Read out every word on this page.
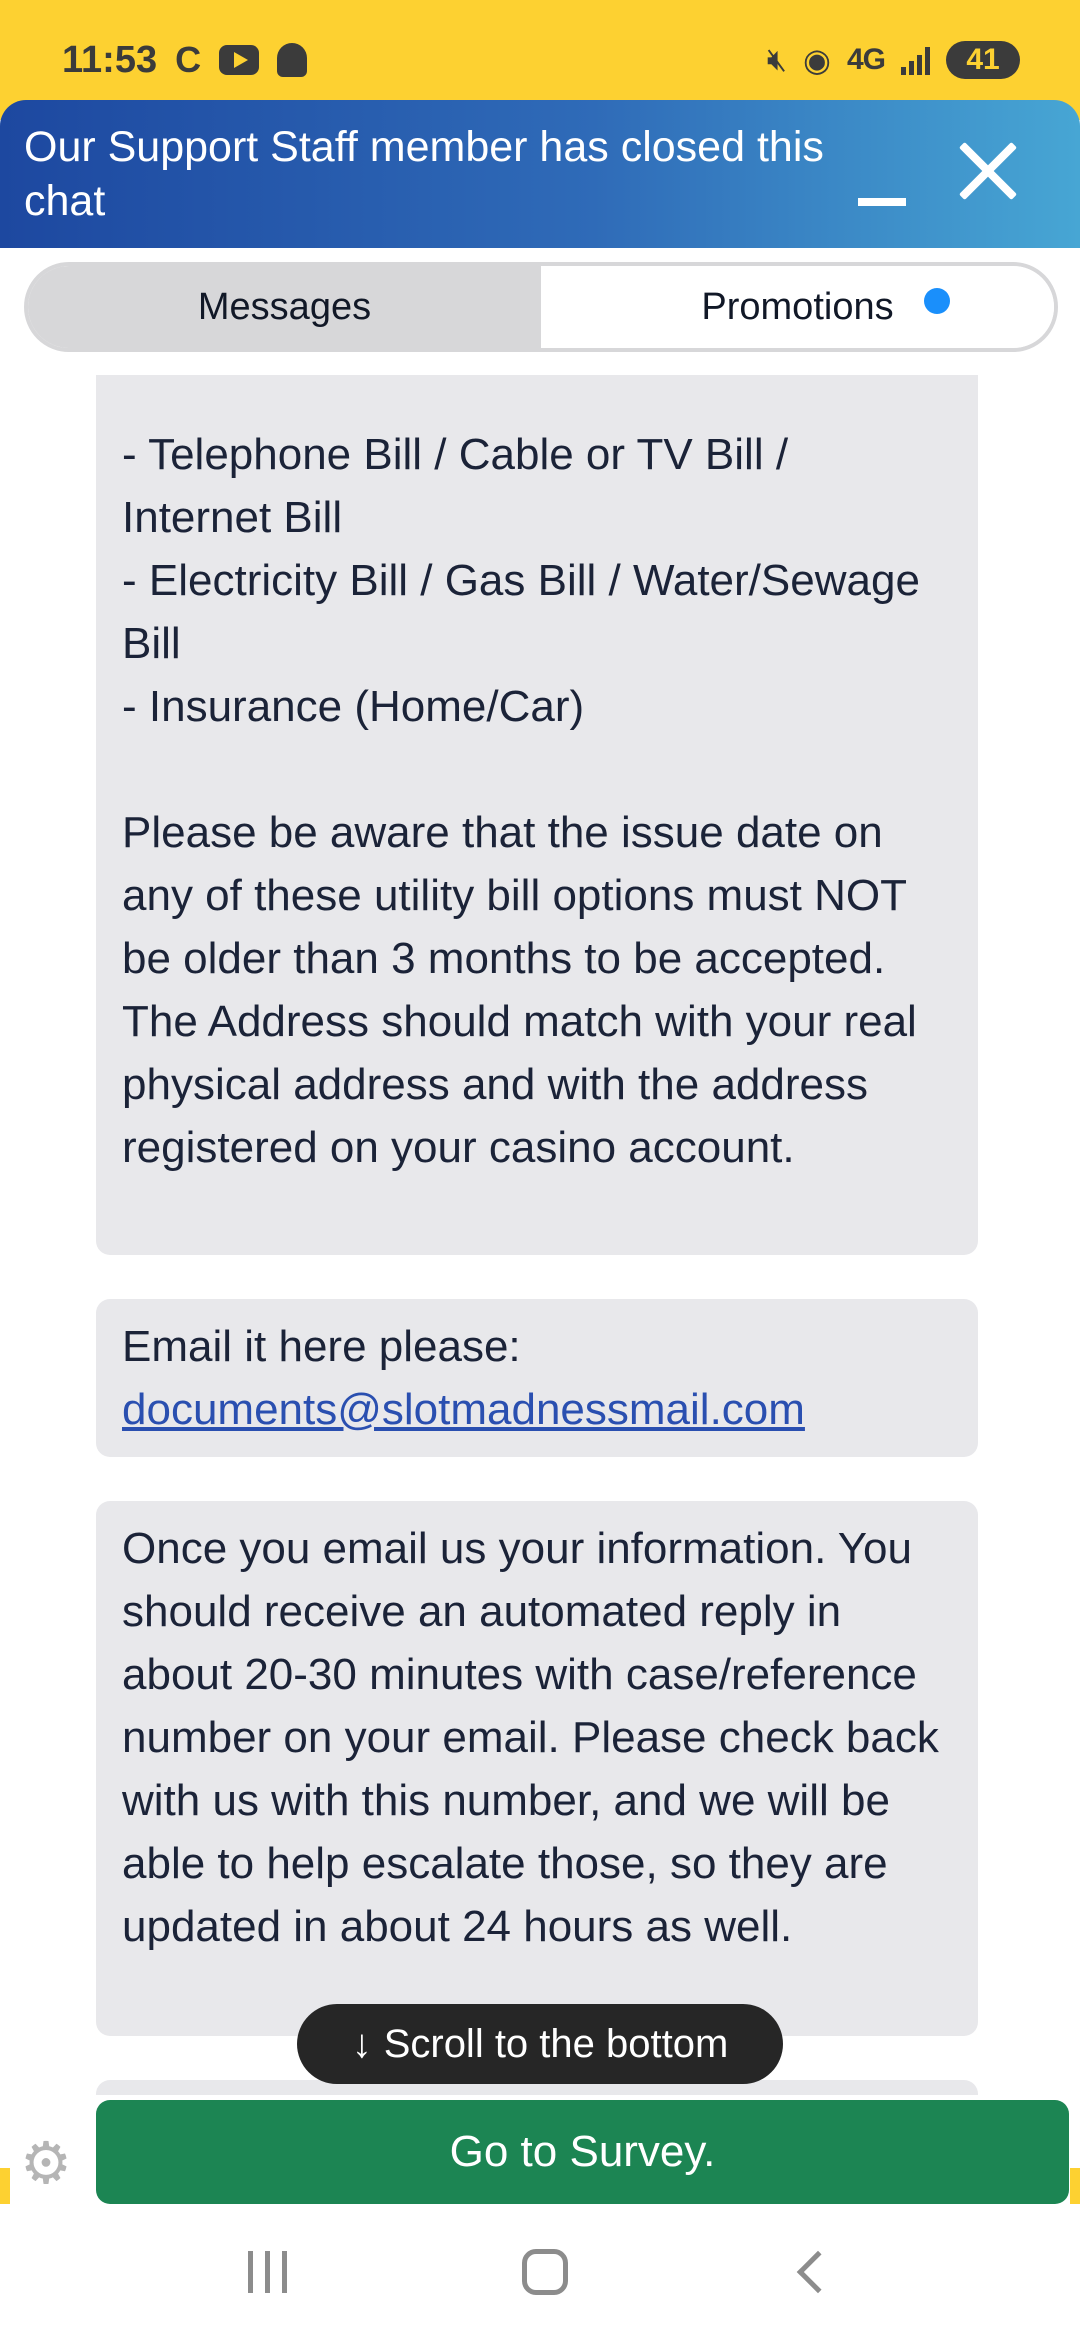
11:53 C	🔇︎ ◉ 4G	41
Our Support Staff member has closed this chat
Messages	Promotions

- Telephone Bill / Cable or TV Bill / Internet Bill
- Electricity Bill / Gas Bill / Water/Sewage Bill
- Insurance (Home/Car)

Please be aware that the issue date on any of these utility bill options must NOT be older than 3 months to be accepted. The Address should match with your real physical address and with the address registered on your casino account.

Email it here please:

documents@slotmadnessmail.com

Once you email us your information. You should receive an automated reply in about 20-30 minutes with case/reference number on your email. Please check back with us with this number, and we will be able to help escalate those, so they are updated in about 24 hours as well.

↓ Scroll to the bottom
⚙	Go to Survey.
